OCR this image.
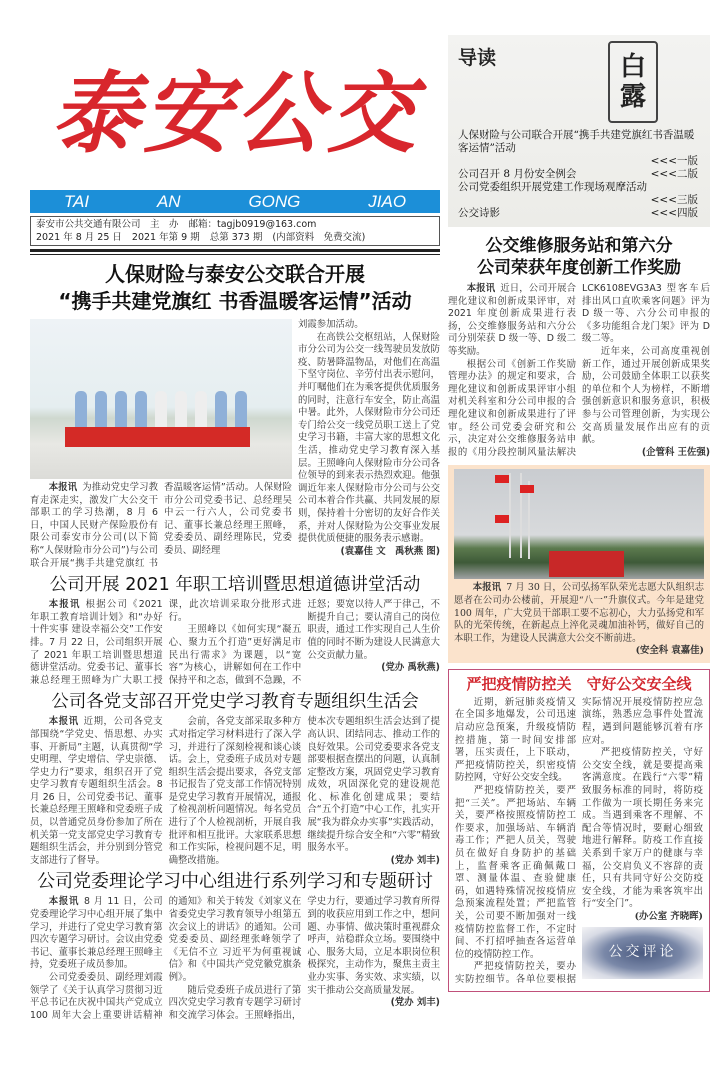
泰安公交
TAI	AN	GONG	JIAO
泰安市公共交通有限公司　主　办 邮箱：tagjb0919@163.com
2021 年 8 月 25 日 2021 年第 9 期 总第 373 期 (内部资料　免费交流)
人保财险与泰安公交联合开展
“携手共建党旗红 书香温暖客运情”活动

本报讯 为推动党史学习教育走深走实，激发广大公交干部职工的学习热潮，8 月 6 日，中国人民财产保险股份有限公司泰安市分公司(以下简称“人保财险市分公司”)与公司联合开展“携手共建党旗红 书香温暖客运情”活动。人保财险市分公司党委书记、总经理吴中云一行六人，公司党委书记、董事长兼总经理王照峰，党委委员、副经理陈民，党委委员、副经理

刘霞参加活动。

在高铁公交枢纽站，人保财险市分公司为公交一线驾驶员发放防疫、防暑降温物品，对他们在高温下坚守岗位、辛劳付出表示慰问，并叮嘱他们在为乘客提供优质服务的同时，注意行车安全，防止高温中暑。此外，人保财险市分公司还专门给公交一线党员职工送上了党史学习书籍，丰富大家的思想文化生活，推动党史学习教育深入基层。王照峰向人保财险市分公司各位领导的到来表示热烈欢迎。他强调近年来人保财险市分公司与公交公司本着合作共赢、共同发展的原则，保持着十分密切的友好合作关系，并对人保财险为公交事业发展提供优质便捷的服务表示感谢。

(袁嘉佳 文　禹秋燕 图)
公司开展 2021 年职工培训暨思想道德讲堂活动

本报讯 根据公司《2021 年职工教育培训计划》和“办好十件实事 建设幸福公交”工作安排。7 月 22 日，公司组织开展了 2021 年职工培训暨思想道德讲堂活动。党委书记、董事长兼总经理王照峰为广大职工授课，此次培训采取分批形式进行。

王照峰以《如何实现“凝五心、聚力五个打造”更好满足市民出行需求》为课题，以“宽容”为核心，讲解如何在工作中保持平和之态，做到不急躁，不迁怒；要宽以待人严于律己，不断提升自己；要认清自己的岗位职责，通过工作实现自己人生价值的同时不断为建设人民满意大公交贡献力量。

(党办 禹秋燕)
公司各党支部召开党史学习教育专题组织生活会

本报讯 近期，公司各党支部围绕“学党史、悟思想、办实事、开新局”主题，认真贯彻“学史明理、学史增信、学史崇德、学史力行”要求，组织召开了党史学习教育专题组织生活会。8 月 26 日，公司党委书记、董事长兼总经理王照峰和党委班子成员，以普通党员身份参加了所在机关第一党支部党史学习教育专题组织生活会，并分别到分管党支部进行了督导。

会前，各党支部采取多种方式对指定学习材料进行了深入学习，并进行了深刻检视和谈心谈话。会上，党委班子成员对专题组织生活会提出要求，各党支部书记报告了党支部工作情况特别是党史学习教育开展情况，通报了检视剖析问题情况。每名党员进行了个人检视剖析，开展自我批评和相互批评。大家联系思想和工作实际，检视问题不足，明确整改措施。

使本次专题组织生活会达到了提高认识、团结同志、推动工作的良好效果。公司党委要求各党支部要根据查摆出的问题，认真制定整改方案，巩固党史学习教育成效，巩固深化党的建设规范化、标准化创建成果；要结合“五个打造”中心工作，扎实开展“我为群众办实事”实践活动，继续提升综合安全和“六零”精致服务水平。

(党办 刘丰)
公司党委理论学习中心组进行系列学习和专题研讨

本报讯 8 月 11 日，公司党委理论学习中心组开展了集中学习，并进行了党史学习教育第四次专题学习研讨。会议由党委书记、董事长兼总经理王照峰主持，党委班子成员参加。

公司党委委员、副经理刘霞领学了《关于认真学习贯彻习近平总书记在庆祝中国共产党成立 100 周年大会上重要讲话精神的通知》和关于转发《刘家义在省委党史学习教育领导小组第五次会议上的讲话》的通知。公司党委委员、副经理张峰领学了《无信不立 习近平为何重视诚信》和《中国共产党党徽党旗条例》。

随后党委班子成员进行了第四次党史学习教育专题学习研讨和交流学习体会。王照峰指出，学史力行，要通过学习教育所得到的收获应用到工作之中，想问题、办事情、做决策时重视群众呼声，站稳群众立场。要围绕中心、服务大局，立足本职岗位积极探究，主动作为，聚焦主责主业办实事、务实效、求实绩，以实干推动公交高质量发展。

(党办 刘丰)
导读	白
露
人保财险与公司联合开展“携手共建党旗红书香温暖客运情”活动
<<<一版
公司召开 8 月份安全例会	<<<二版
公司党委组织开展党建工作现场观摩活动
<<<三版
公交诗影	<<<四版
公交维修服务站和第六分
公司荣获年度创新工作奖励

本报讯 近日，公司开展合理化建议和创新成果评审，对 2021 年度创新成果进行表扬，公交维修服务站和六分公司分别荣获 D 级一等、D 级二等奖励。

根据公司《创新工作奖励管理办法》的规定和要求，合理化建议和创新成果评审小组对机关科室和分公司申报的合理化建议和创新成果进行了评审。经公司党委会研究和公示，决定对公交维修服务站申报的《用分段控制风量法解决 LCK6108EVG3A3 型客车后排出风口直吹乘客问题》评为 D 级一等、六分公司申报的《多功能组合龙门架》评为 D 级二等。

近年来，公司高度重视创新工作，通过开展创新成果奖励，公司鼓励全体职工以获奖的单位和个人为榜样，不断增强创新意识和服务意识，积极参与公司管理创新，为实现公交高质量发展作出应有的贡献。

(企管科 王佐强)

本报讯 7 月 30 日，公司弘扬军队荣光志愿大队组织志愿者在公司办公楼前，开展迎“八一”升旗仪式。今年是建党 100 周年，广大党员干部职工要不忘初心，大力弘扬党和军队的光荣传统，在新起点上淬化灵魂加油补钙，做好自己的本职工作，为建设人民满意大公交不断前进。

(安全科 袁嘉佳)
严把疫情防控关　守好公交安全线

近期，新冠肺炎疫情又在全国多地爆发，公司迅速启动应急预案，升级疫情防控措施，第一时间安排部署，压实责任，上下联动，严把疫情防控关，织密疫情防控网，守好公交安全线。

严把疫情防控关，要严把“三关”。严把场站、车辆关，要严格按照疫情防控工作要求，加强场站、车辆消毒工作；严把人员关，驾驶员在做好自身防护的基础上，监督乘客正确佩戴口罩、测量体温、查验健康码，如遇特殊情况按疫情应急预案流程处置；严把监管关，公司要不断加强对一线疫情防控监督工作，不定时间、不打招呼抽查各运营单位的疫情防控工作。

严把疫情防控关，要办实防控细节。各单位要根据实际情况开展疫情防控应急演练，熟悉应急事件处置流程，遇到问题能够沉着有序应对。

严把疫情防控关，守好公交安全线，就是要提高乘客满意度。在践行“六零”精致服务标准的同时，将防疫工作做为一项长期任务来完成。当遇到乘客不理解、不配合等情况时，要耐心细致地进行解释。防疫工作直接关系到千家万户的健康与幸福，公交肩负义不容辞的责任，只有共同守好公交防疫安全线，才能为乘客筑牢出行“安全门”。

(办公室 齐晓晖)
公交评论
